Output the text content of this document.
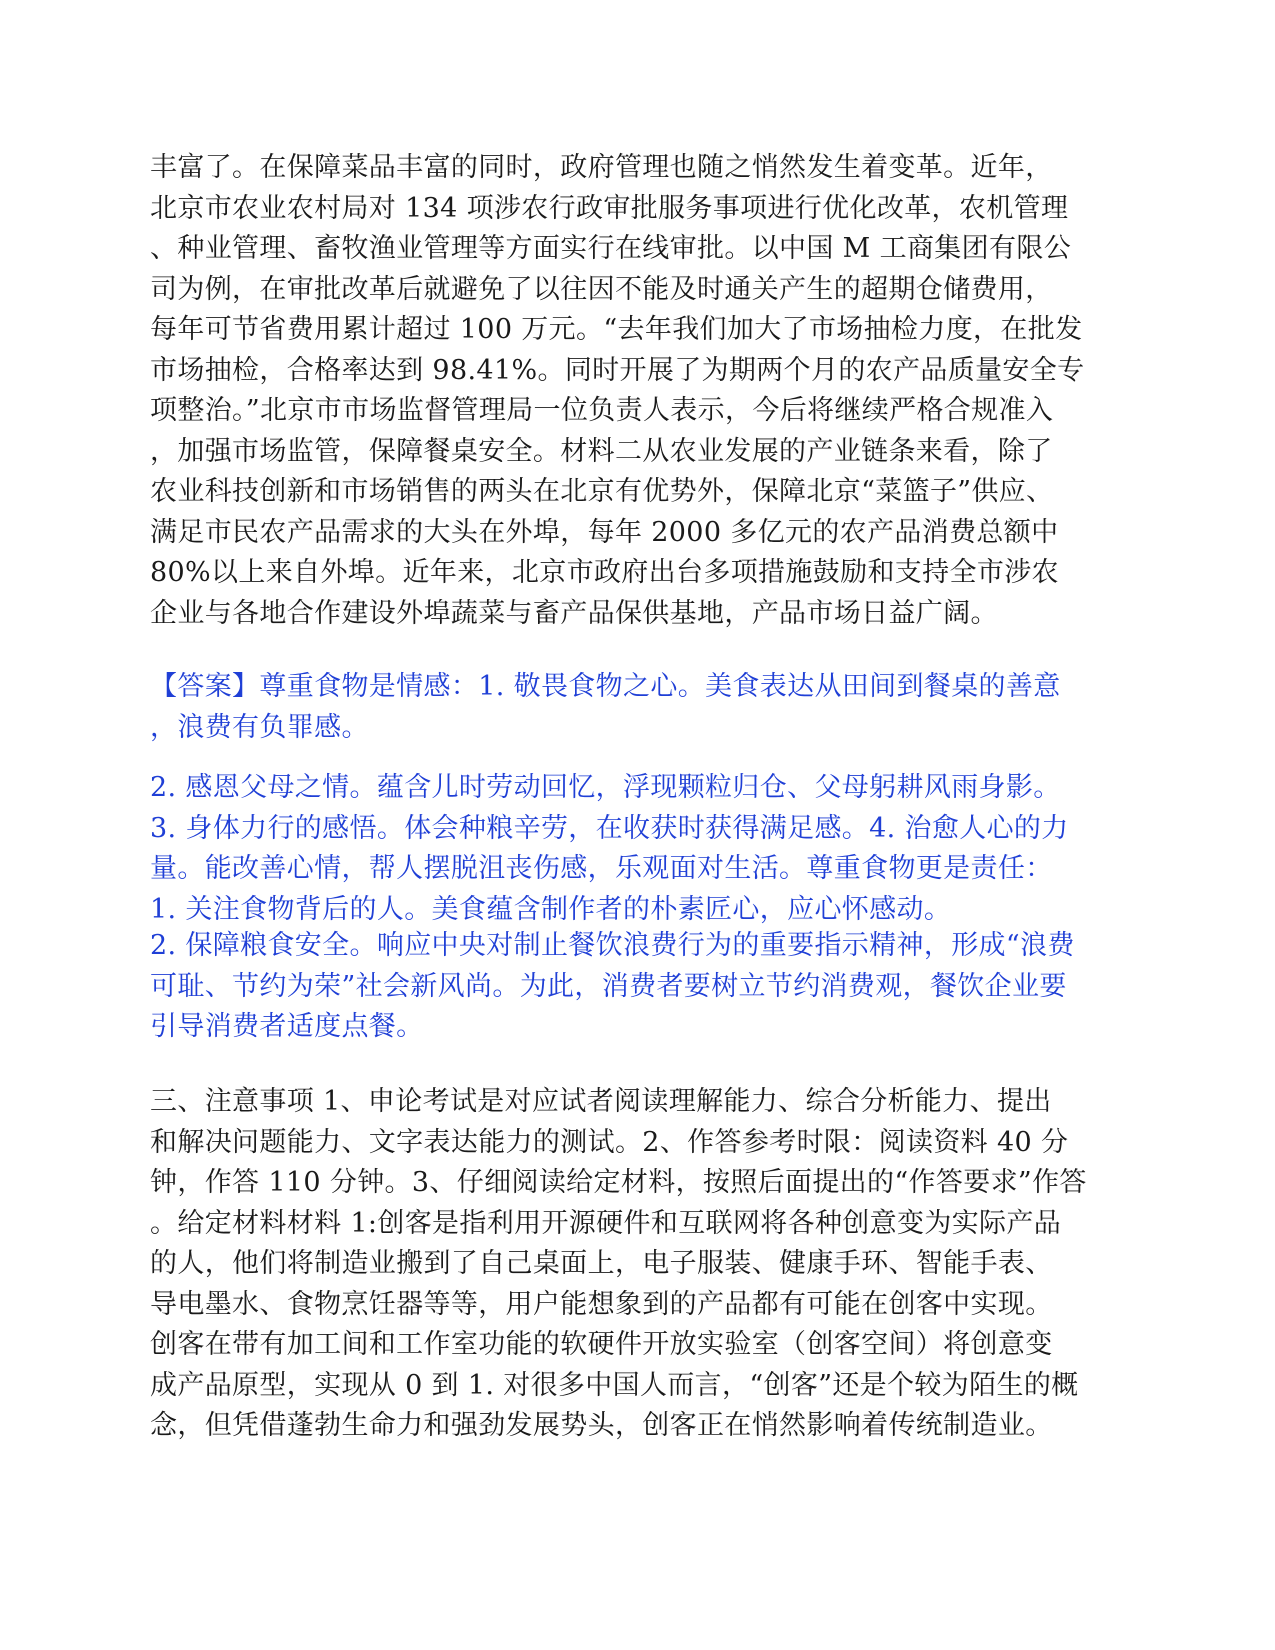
丰富了。在保障菜品丰富的同时，政府管理也随之悄然发生着变革。近年，
北京市农业农村局对 134 项涉农行政审批服务事项进行优化改革，农机管理
、种业管理、畜牧渔业管理等方面实行在线审批。以中国 M 工商集团有限公
司为例，在审批改革后就避免了以往因不能及时通关产生的超期仓储费用，
每年可节省费用累计超过 100 万元。“去年我们加大了市场抽检力度，在批发
市场抽检，合格率达到 98.41%。同时开展了为期两个月的农产品质量安全专
项整治。”北京市市场监督管理局一位负责人表示，今后将继续严格合规准入
，加强市场监管，保障餐桌安全。材料二从农业发展的产业链条来看，除了
农业科技创新和市场销售的两头在北京有优势外，保障北京“菜篮子”供应、
满足市民农产品需求的大头在外埠，每年 2000 多亿元的农产品消费总额中
80%以上来自外埠。近年来，北京市政府出台多项措施鼓励和支持全市涉农
企业与各地合作建设外埠蔬菜与畜产品保供基地，产品市场日益广阔。

【答案】尊重食物是情感：1. 敬畏食物之心。美食表达从田间到餐桌的善意
，浪费有负罪感。

2. 感恩父母之情。蕴含儿时劳动回忆，浮现颗粒归仓、父母躬耕风雨身影。
3. 身体力行的感悟。体会种粮辛劳，在收获时获得满足感。4. 治愈人心的力
量。能改善心情，帮人摆脱沮丧伤感，乐观面对生活。尊重食物更是责任：
1. 关注食物背后的人。美食蕴含制作者的朴素匠心，应心怀感动。

2. 保障粮食安全。响应中央对制止餐饮浪费行为的重要指示精神，形成“浪费
可耻、节约为荣”社会新风尚。为此，消费者要树立节约消费观，餐饮企业要
引导消费者适度点餐。

三、注意事项 1、申论考试是对应试者阅读理解能力、综合分析能力、提出
和解决问题能力、文字表达能力的测试。2、作答参考时限：阅读资料 40 分
钟，作答 110 分钟。3、仔细阅读给定材料，按照后面提出的“作答要求”作答
。给定材料材料 1:创客是指利用开源硬件和互联网将各种创意变为实际产品
的人，他们将制造业搬到了自己桌面上，电子服装、健康手环、智能手表、
导电墨水、食物烹饪器等等，用户能想象到的产品都有可能在创客中实现。
创客在带有加工间和工作室功能的软硬件开放实验室（创客空间）将创意变
成产品原型，实现从 0 到 1. 对很多中国人而言，“创客”还是个较为陌生的概
念，但凭借蓬勃生命力和强劲发展势头，创客正在悄然影响着传统制造业。
